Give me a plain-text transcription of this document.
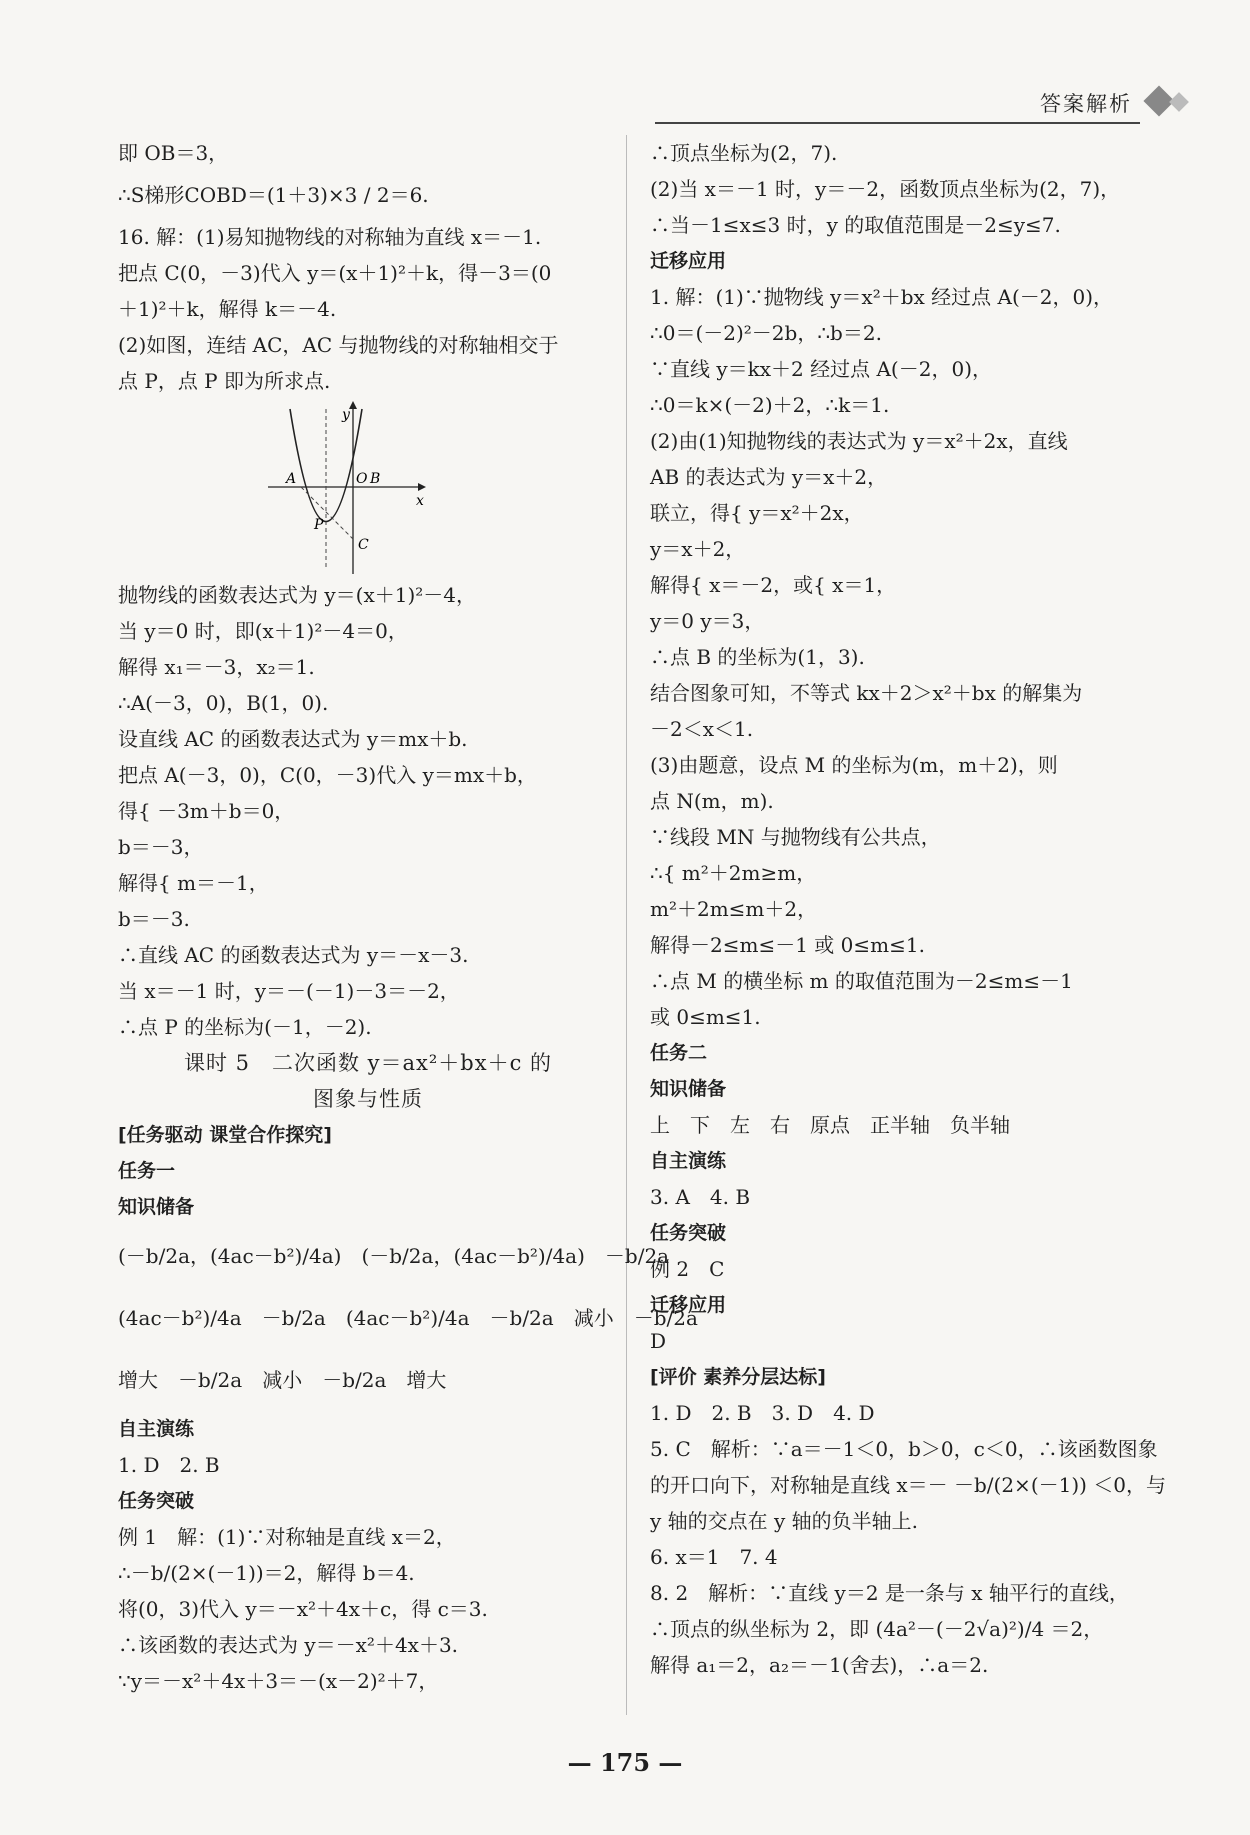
答案解析
即 OB＝3，
∴S梯形COBD＝(1＋3)×3 / 2＝6.
16. 解：(1)易知抛物线的对称轴为直线 x＝－1.
把点 C(0，－3)代入 y＝(x＋1)²＋k，得－3＝(0
＋1)²＋k，解得 k＝－4.
(2)如图，连结 AC，AC 与抛物线的对称轴相交于
点 P，点 P 即为所求点.
y
x
A	O B
P
C
抛物线的函数表达式为 y＝(x＋1)²－4，
当 y＝0 时，即(x＋1)²－4＝0，
解得 x₁＝－3，x₂＝1.
∴A(－3，0)，B(1，0).
设直线 AC 的函数表达式为 y＝mx＋b.
把点 A(－3，0)，C(0，－3)代入 y＝mx＋b，
得{ －3m＋b＝0，
b＝－3，
解得{ m＝－1，
b＝－3.
∴直线 AC 的函数表达式为 y＝－x－3.
当 x＝－1 时，y＝－(－1)－3＝－2，
∴点 P 的坐标为(－1，－2).
课时 5　二次函数 y＝ax²＋bx＋c 的
图象与性质
[任务驱动 课堂合作探究]
任务一
知识储备
(－b/2a，(4ac－b²)/4a)　(－b/2a，(4ac－b²)/4a)　－b/2a
(4ac－b²)/4a　－b/2a　(4ac－b²)/4a　－b/2a　减小　－b/2a
增大　－b/2a　减小　－b/2a　增大
自主演练
1. D　2. B
任务突破
例 1　解：(1)∵对称轴是直线 x＝2，
∴－b/(2×(－1))＝2，解得 b＝4.
将(0，3)代入 y＝－x²＋4x＋c，得 c＝3.
∴该函数的表达式为 y＝－x²＋4x＋3.
∵y＝－x²＋4x＋3＝－(x－2)²＋7，
∴顶点坐标为(2，7).
(2)当 x＝－1 时，y＝－2，函数顶点坐标为(2，7)，
∴当－1≤x≤3 时，y 的取值范围是－2≤y≤7.
迁移应用
1. 解：(1)∵抛物线 y＝x²＋bx 经过点 A(－2，0)，
∴0＝(－2)²－2b，∴b＝2.
∵直线 y＝kx＋2 经过点 A(－2，0)，
∴0＝k×(－2)＋2，∴k＝1.
(2)由(1)知抛物线的表达式为 y＝x²＋2x，直线
AB 的表达式为 y＝x＋2，
联立，得{ y＝x²＋2x，
y＝x＋2，
解得{ x＝－2，或{ x＝1，
y＝0 y＝3，
∴点 B 的坐标为(1，3).
结合图象可知，不等式 kx＋2＞x²＋bx 的解集为
－2＜x＜1.
(3)由题意，设点 M 的坐标为(m，m＋2)，则
点 N(m，m).
∵线段 MN 与抛物线有公共点，
∴{ m²＋2m≥m，
m²＋2m≤m＋2，
解得－2≤m≤－1 或 0≤m≤1.
∴点 M 的横坐标 m 的取值范围为－2≤m≤－1
或 0≤m≤1.
任务二
知识储备
上　下　左　右　原点　正半轴　负半轴
自主演练
3. A　4. B
任务突破
例 2　C
迁移应用
D
[评价 素养分层达标]
1. D　2. B　3. D　4. D
5. C　解析：∵a＝－1＜0，b＞0，c＜0，∴该函数图象
的开口向下，对称轴是直线 x＝－ －b/(2×(－1)) ＜0，与
y 轴的交点在 y 轴的负半轴上.
6. x＝1　7. 4
8. 2　解析：∵直线 y＝2 是一条与 x 轴平行的直线，
∴顶点的纵坐标为 2，即 (4a²－(－2√a)²)/4 ＝2，
解得 a₁＝2，a₂＝－1(舍去)，∴a＝2.
— 175 —
